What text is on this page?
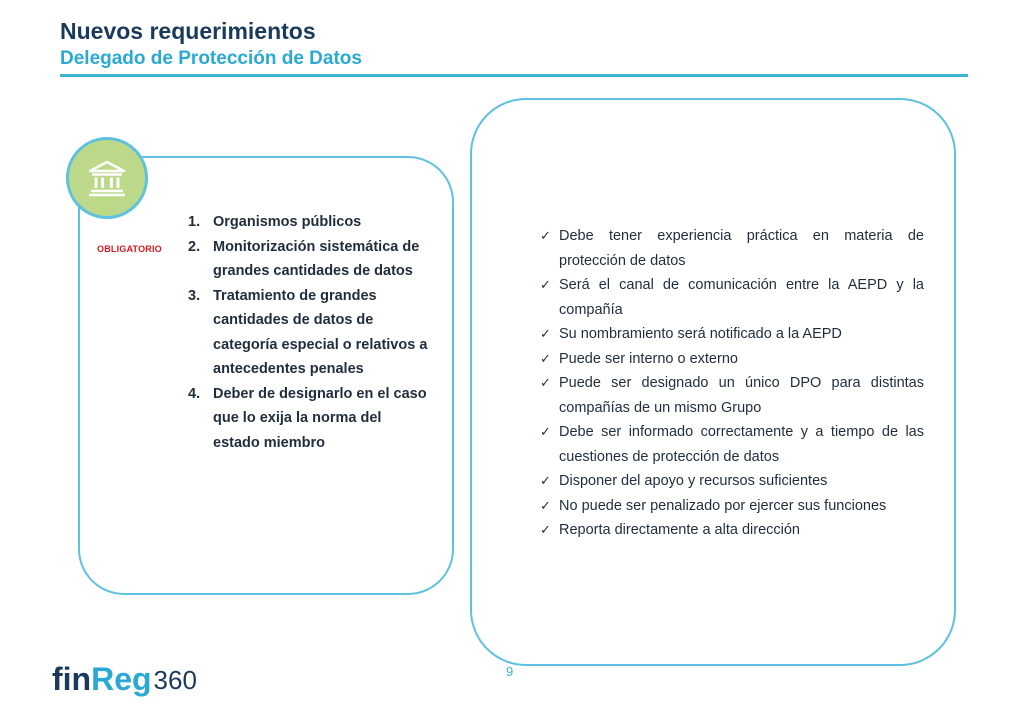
Nuevos requerimientos
Delegado de Protección de Datos
OBLIGATORIO
1. Organismos públicos
2. Monitorización sistemática de grandes cantidades de datos
3. Tratamiento de grandes cantidades de datos de categoría especial o relativos a antecedentes penales
4. Deber de designarlo en el caso que lo exija la norma del estado miembro
✓ Debe tener experiencia práctica en materia de protección de datos
✓ Será el canal de comunicación entre la AEPD y la compañía
✓ Su nombramiento será notificado a la AEPD
✓ Puede ser interno o externo
✓ Puede ser designado un único DPO para distintas compañías de un mismo Grupo
✓ Debe ser informado correctamente y a tiempo de las cuestiones de protección de datos
✓ Disponer del apoyo y recursos suficientes
✓ No puede ser penalizado por ejercer sus funciones
✓ Reporta directamente a alta dirección
fin Reg 360	9
